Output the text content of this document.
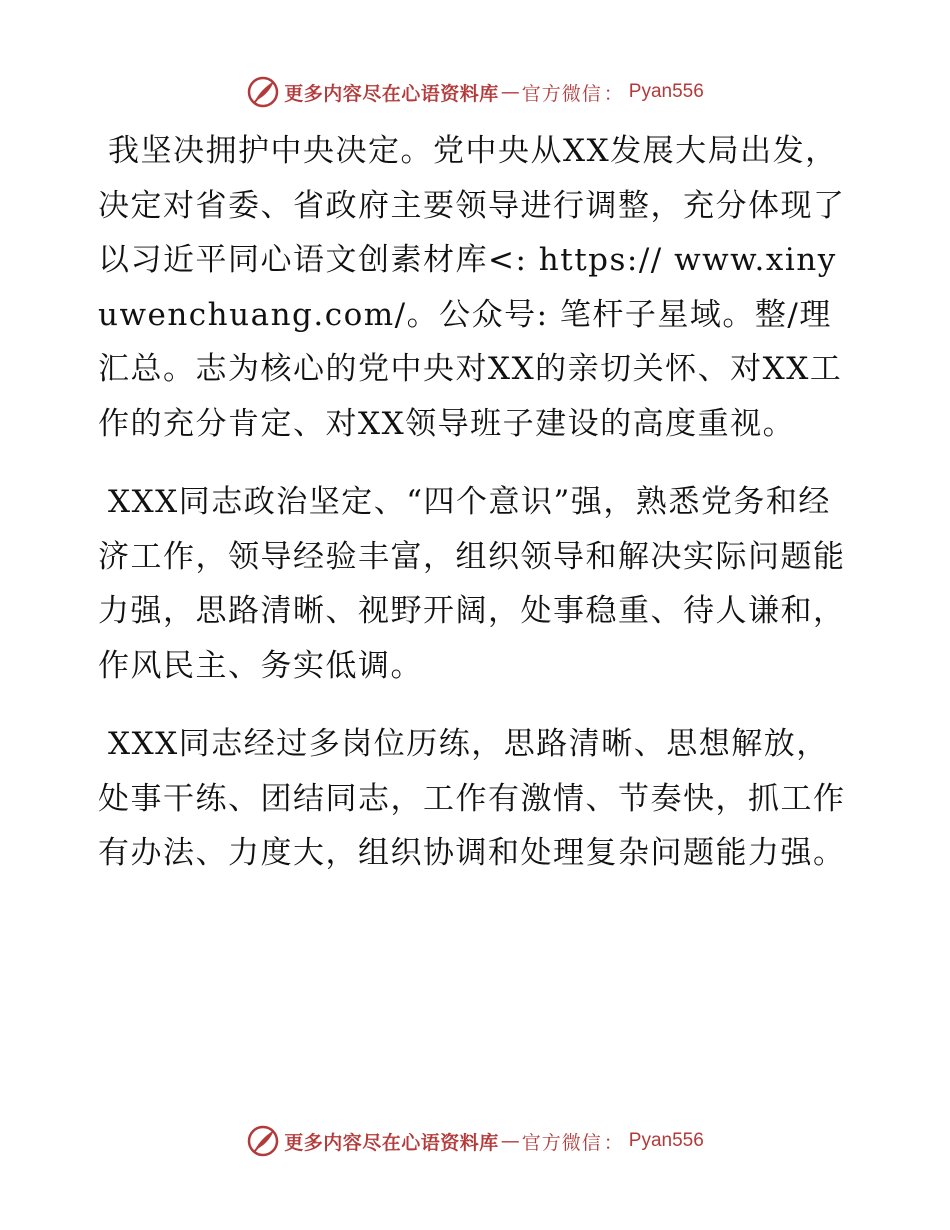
更多内容尽在心语资料库 — 官方微信 ： Pyan556

我坚决拥护中央决定。党中央从XX发展大局出发，决定对省委、省政府主要领导进行调整，充分体现了以习近平同心语文创素材库<: https:// www.xinyuwenchuang.com/。公众号: 笔杆子星域。整/理汇总。志为核心的党中央对XX的亲切关怀、对XX工作的充分肯定、对XX领导班子建设的高度重视。

XXX同志政治坚定、“四个意识”强，熟悉党务和经济工作，领导经验丰富，组织领导和解决实际问题能力强，思路清晰、视野开阔，处事稳重、待人谦和，作风民主、务实低调。

XXX同志经过多岗位历练，思路清晰、思想解放，处事干练、团结同志，工作有激情、节奏快，抓工作有办法、力度大，组织协调和处理复杂问题能力强。

更多内容尽在心语资料库 — 官方微信 ： Pyan556
